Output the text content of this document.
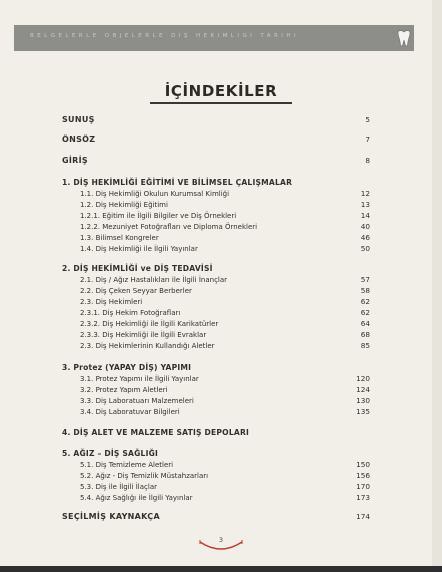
BELGELERLE OBJELERLE DİŞ HEKİMLİĞİ TARİHİ
İÇİNDEKİLER
SUNUŞ	5
ÖNSÖZ	7
GİRİŞ	8
1. DİŞ HEKİMLİĞİ EĞİTİMİ VE BİLİMSEL ÇALIŞMALAR
1.1. Diş Hekimliği Okulun Kurumsal Kimliği	12
1.2. Diş Hekimliği Eğitimi	13
1.2.1. Eğitim ile İlgili Bilgiler ve Diş Örnekleri	14
1.2.2. Mezuniyet Fotoğrafları ve Diploma Örnekleri	40
1.3. Bilimsel Kongreler	46
1.4. Diş Hekimliği ile İlgili Yayınlar	50
2. DİŞ HEKİMLİĞİ ve DİŞ TEDAVİSİ
2.1. Diş / Ağız Hastalıkları ile İlgili İnançlar	57
2.2. Diş Çeken Seyyar Berberler	58
2.3. Diş Hekimleri	62
2.3.1. Diş Hekim Fotoğrafları	62
2.3.2. Diş Hekimliği ile İlgili Karikatürler	64
2.3.3. Diş Hekimliği ile İlgili Evraklar	68
2.3. Diş Hekimlerinin Kullandığı Aletler	85
3. Protez (YAPAY DİŞ) YAPIMI
3.1. Protez Yapımı ile İlgili Yayınlar	120
3.2. Protez Yapım Aletleri	124
3.3. Diş Laboratuarı Malzemeleri	130
3.4. Diş Laboratuvar Bilgileri	135
4. DİŞ ALET VE MALZEME SATIŞ DEPOLARI
5. AĞIZ – DİŞ SAĞLIĞI
5.1. Diş Temizleme Aletleri	150
5.2. Ağız - Diş Temizlik Müstahzarları	156
5.3. Diş ile İlgili İlaçlar	170
5.4. Ağız Sağlığı ile İlgili Yayınlar	173
SEÇİLMİŞ KAYNAKÇA	174
3
